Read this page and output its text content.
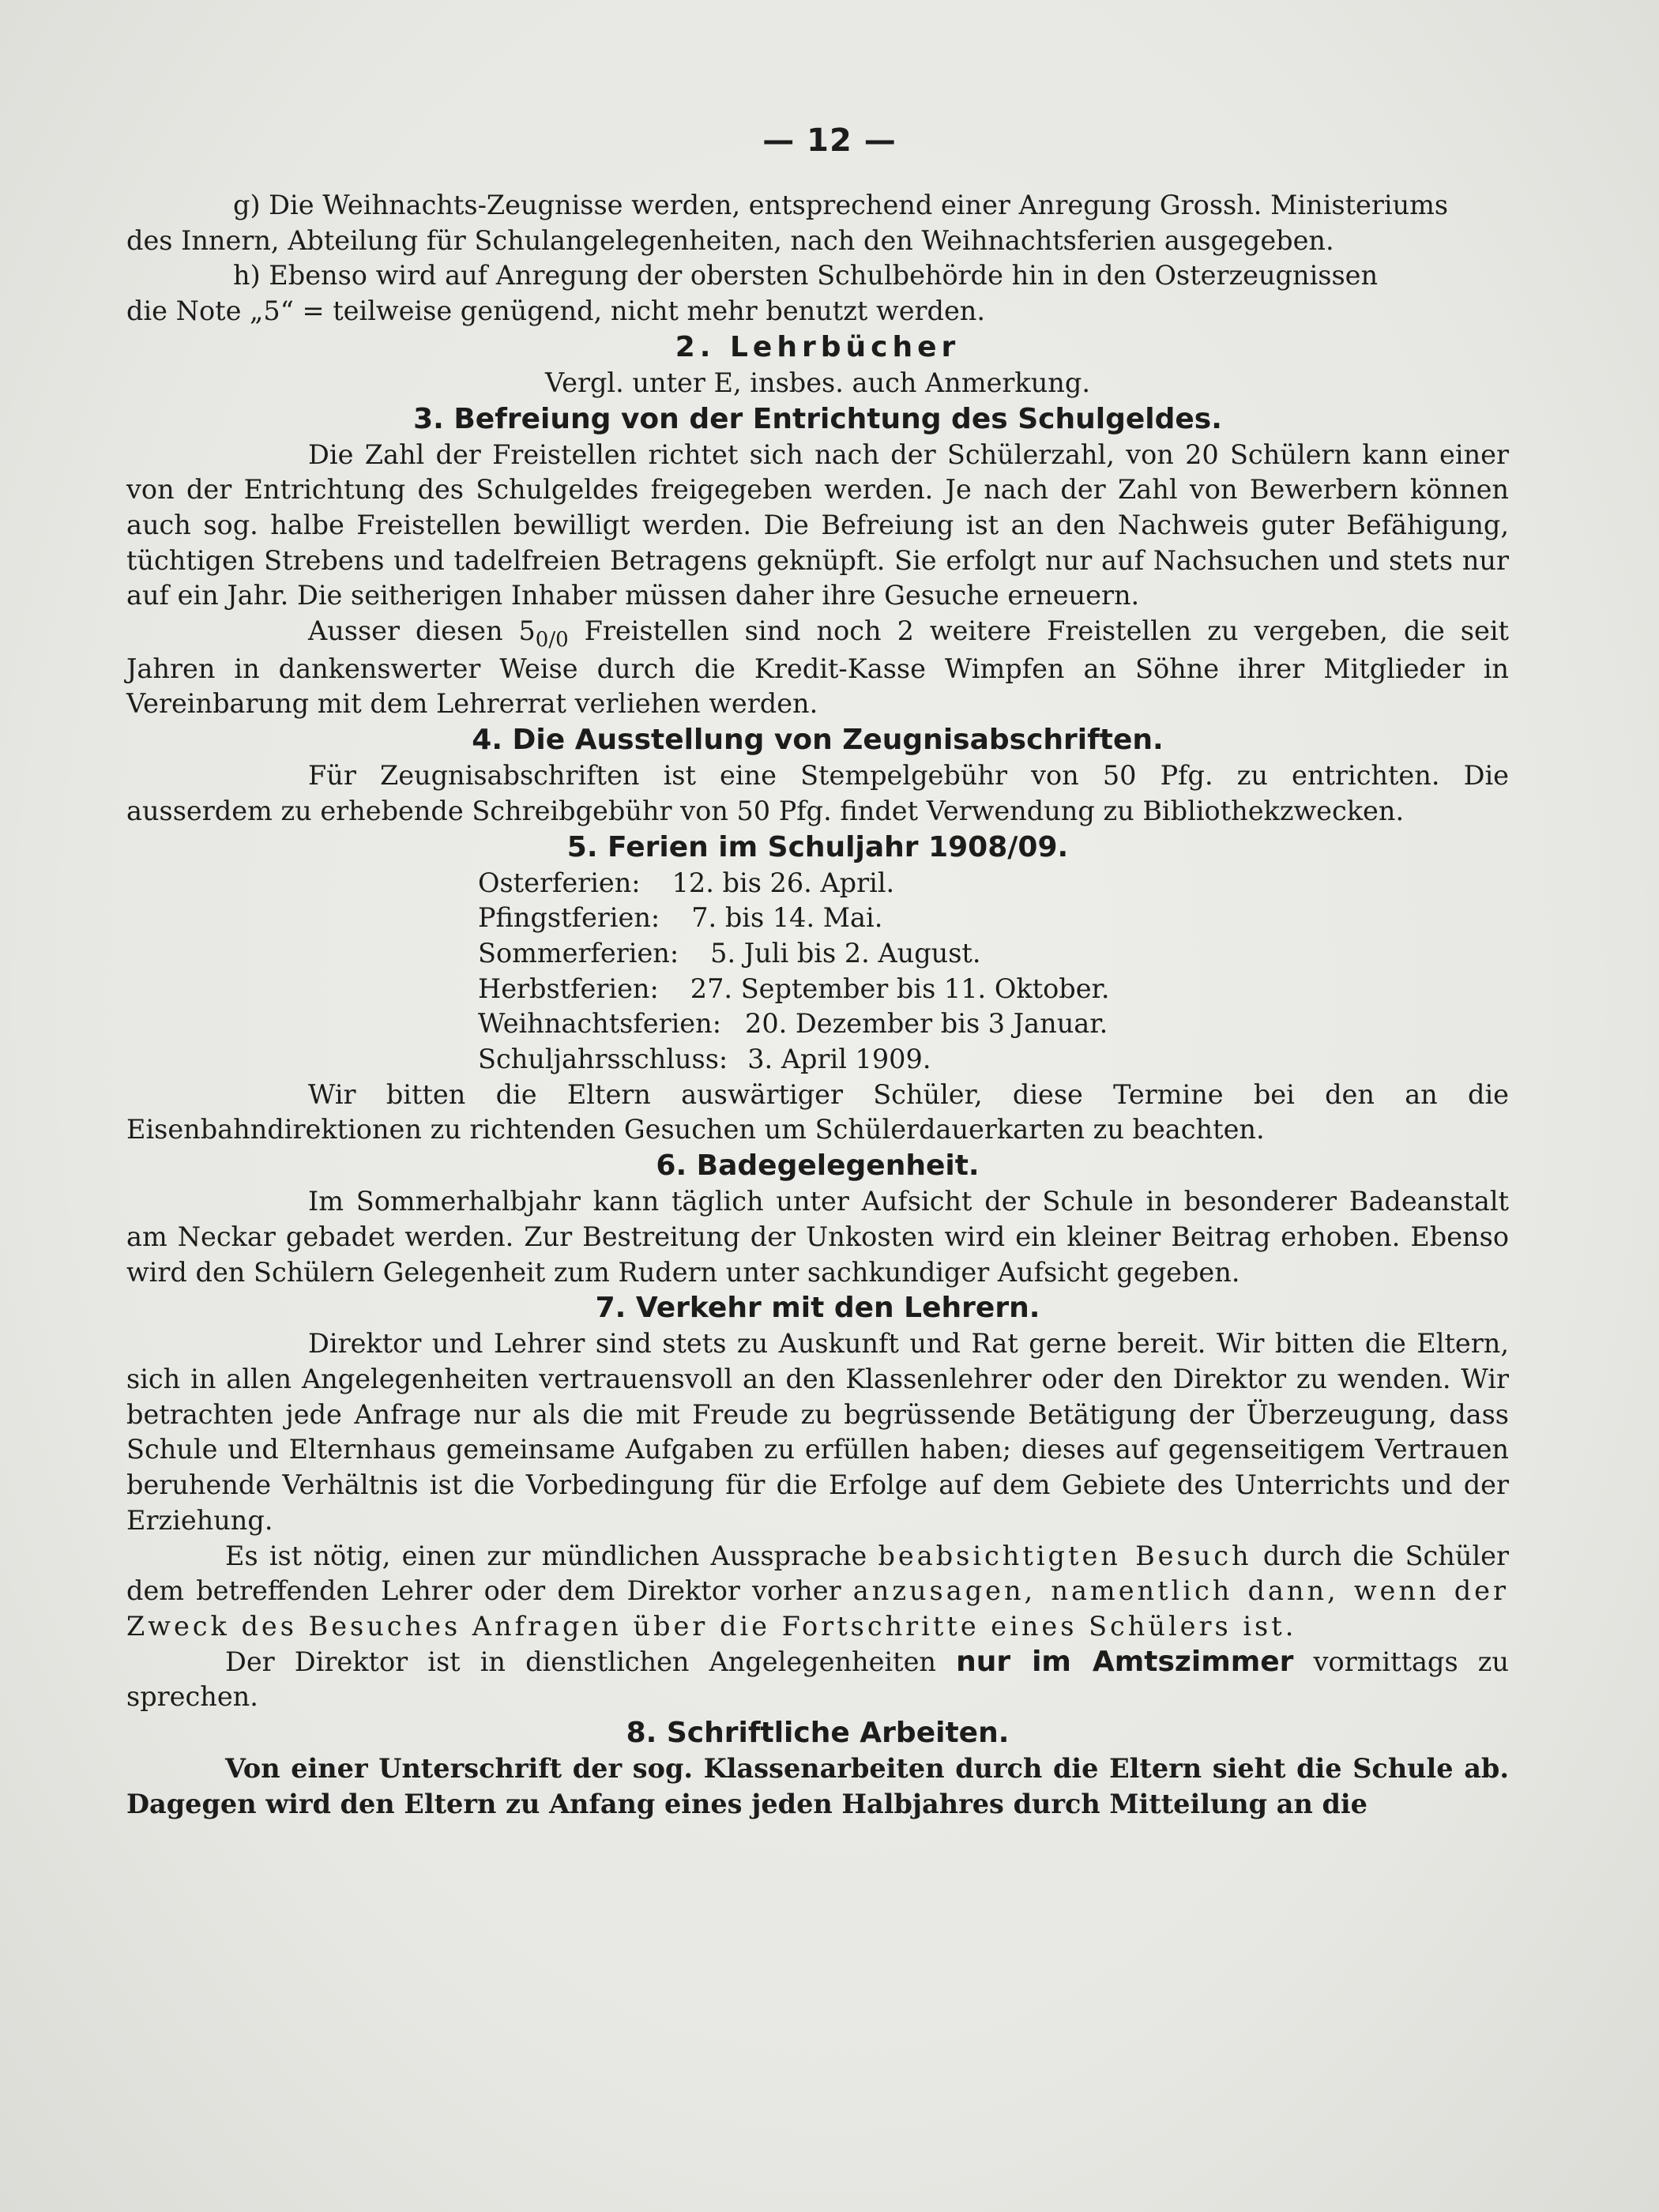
— 12 —

g) Die Weihnachts-Zeugnisse werden, entsprechend einer Anregung Grossh. Ministeriums

des Innern, Abteilung für Schulangelegenheiten, nach den Weihnachtsferien ausgegeben.

h) Ebenso wird auf Anregung der obersten Schulbehörde hin in den Osterzeugnissen

die Note „5“ = teilweise genügend, nicht mehr benutzt werden.

2. Lehrbücher

Vergl. unter E, insbes. auch Anmerkung.

3. Befreiung von der Entrichtung des Schulgeldes.

Die Zahl der Freistellen richtet sich nach der Schülerzahl, von 20 Schülern kann einer von der Entrichtung des Schulgeldes freigegeben werden. Je nach der Zahl von Bewerbern können auch sog. halbe Freistellen bewilligt werden. Die Befreiung ist an den Nachweis guter Befähigung, tüchtigen Strebens und tadelfreien Betragens geknüpft. Sie erfolgt nur auf Nachsuchen und stets nur auf ein Jahr. Die seitherigen Inhaber müssen daher ihre Gesuche erneuern.

Ausser diesen $5_{0/0}$ Freistellen sind noch 2 weitere Freistellen zu vergeben, die seit Jahren in dankenswerter Weise durch die Kredit-Kasse Wimpfen an Söhne ihrer Mitglieder in Vereinbarung mit dem Lehrerrat verliehen werden.

4. Die Ausstellung von Zeugnisabschriften.

Für Zeugnisabschriften ist eine Stempelgebühr von 50 Pfg. zu entrichten. Die ausserdem zu erhebende Schreibgebühr von 50 Pfg. findet Verwendung zu Bibliothekzwecken.

5. Ferien im Schuljahr 1908/09.
Osterferien: 12. bis 26. April.
Pfingstferien: 7. bis 14. Mai.
Sommerferien: 5. Juli bis 2. August.
Herbstferien: 27. September bis 11. Oktober.
Weihnachtsferien: 20. Dezember bis 3 Januar.
Schuljahrsschluss: 3. April 1909.

Wir bitten die Eltern auswärtiger Schüler, diese Termine bei den an die Eisenbahndirektionen zu richtenden Gesuchen um Schülerdauerkarten zu beachten.

6. Badegelegenheit.

Im Sommerhalbjahr kann täglich unter Aufsicht der Schule in besonderer Badeanstalt am Neckar gebadet werden. Zur Bestreitung der Unkosten wird ein kleiner Beitrag erhoben. Ebenso wird den Schülern Gelegenheit zum Rudern unter sachkundiger Aufsicht gegeben.

7. Verkehr mit den Lehrern.

Direktor und Lehrer sind stets zu Auskunft und Rat gerne bereit. Wir bitten die Eltern, sich in allen Angelegenheiten vertrauensvoll an den Klassenlehrer oder den Direktor zu wenden. Wir betrachten jede Anfrage nur als die mit Freude zu begrüssende Betätigung der Überzeugung, dass Schule und Elternhaus gemeinsame Aufgaben zu erfüllen haben; dieses auf gegenseitigem Vertrauen beruhende Verhältnis ist die Vorbedingung für die Erfolge auf dem Gebiete des Unterrichts und der Erziehung.

Es ist nötig, einen zur mündlichen Aussprache beabsichtigten Besuch durch die Schüler dem betreffenden Lehrer oder dem Direktor vorher anzusagen, namentlich dann, wenn der Zweck des Besuches Anfragen über die Fortschritte eines Schülers ist.

Der Direktor ist in dienstlichen Angelegenheiten nur im Amtszimmer vormittags zu sprechen.

8. Schriftliche Arbeiten.

Von einer Unterschrift der sog. Klassenarbeiten durch die Eltern sieht die Schule ab. Dagegen wird den Eltern zu Anfang eines jeden Halbjahres durch Mitteilung an die
